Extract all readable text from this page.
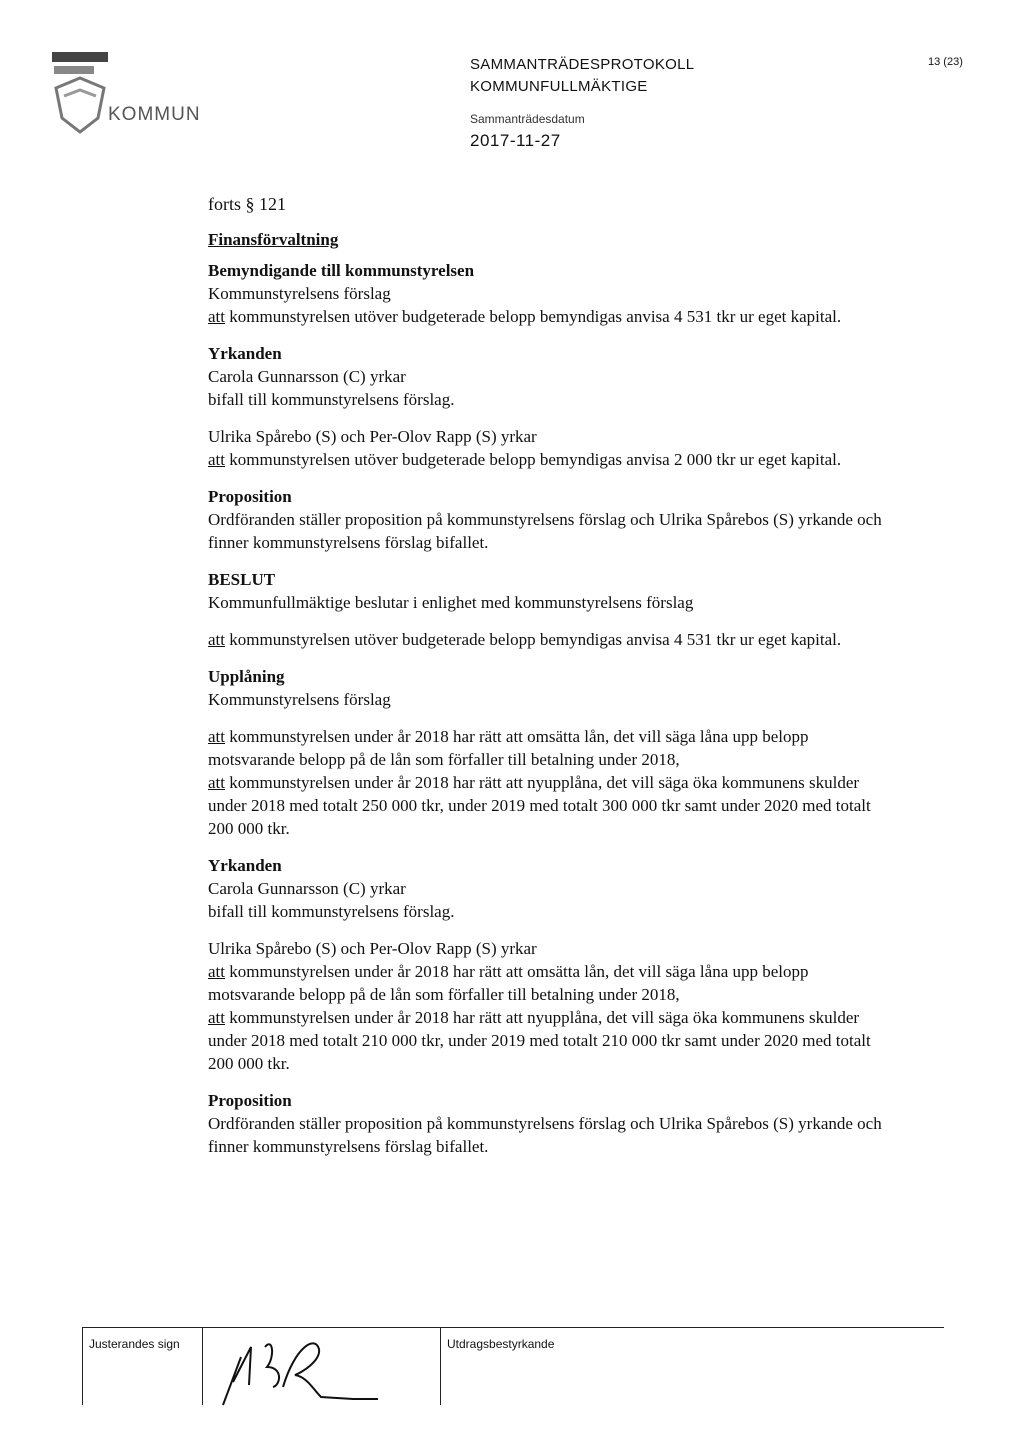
KOMMUN
SAMMANTRÄDESPROTOKOLL
KOMMUNFULLMÄKTIGE
Sammanträdesdatum
2017-11-27
13 (23)

forts § 121

Finansförvaltning

Bemyndigande till kommunstyrelsen

Kommunstyrelsens förslag

att kommunstyrelsen utöver budgeterade belopp bemyndigas anvisa 4 531 tkr ur eget kapital.

Yrkanden

Carola Gunnarsson (C) yrkar

bifall till kommunstyrelsens förslag.

Ulrika Spårebo (S) och Per-Olov Rapp (S) yrkar

att kommunstyrelsen utöver budgeterade belopp bemyndigas anvisa 2 000 tkr ur eget kapital.

Proposition

Ordföranden ställer proposition på kommunstyrelsens förslag och Ulrika Spårebos (S) yrkande och finner kommunstyrelsens förslag bifallet.

BESLUT

Kommunfullmäktige beslutar i enlighet med kommunstyrelsens förslag

att kommunstyrelsen utöver budgeterade belopp bemyndigas anvisa 4 531 tkr ur eget kapital.

Upplåning

Kommunstyrelsens förslag

att kommunstyrelsen under år 2018 har rätt att omsätta lån, det vill säga låna upp belopp motsvarande belopp på de lån som förfaller till betalning under 2018,

att kommunstyrelsen under år 2018 har rätt att nyupplåna, det vill säga öka kommunens skulder under 2018 med totalt 250 000 tkr, under 2019 med totalt 300 000 tkr samt under 2020 med totalt 200 000 tkr.

Yrkanden

Carola Gunnarsson (C) yrkar

bifall till kommunstyrelsens förslag.

Ulrika Spårebo (S) och Per-Olov Rapp (S) yrkar

att kommunstyrelsen under år 2018 har rätt att omsätta lån, det vill säga låna upp belopp motsvarande belopp på de lån som förfaller till betalning under 2018,

att kommunstyrelsen under år 2018 har rätt att nyupplåna, det vill säga öka kommunens skulder under 2018 med totalt 210 000 tkr, under 2019 med totalt 210 000 tkr samt under 2020 med totalt 200 000 tkr.

Proposition

Ordföranden ställer proposition på kommunstyrelsens förslag och Ulrika Spårebos (S) yrkande och finner kommunstyrelsens förslag bifallet.

Justerandes sign	Utdragsbestyrkande
